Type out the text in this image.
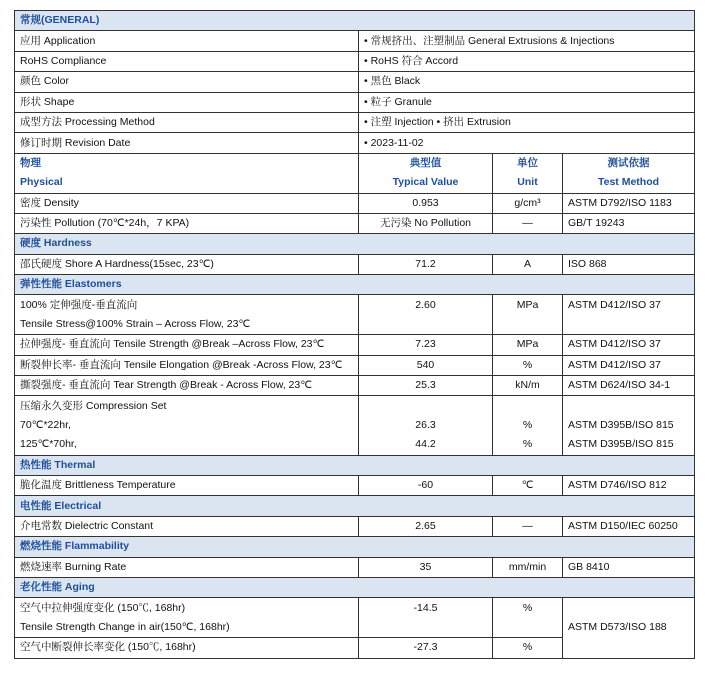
常规(GENERAL)			
应用 Application	• 常规挤出、注塑制品 General Extrusions & Injections
RoHS Compliance	• RoHS 符合 Accord
颜色 Color	• 黑色 Black
形状 Shape	• 粒子 Granule
成型方法 Processing Method	• 注塑 Injection • 挤出 Extrusion
修订时期 Revision Date	• 2023-11-02
物理	典型值	单位	测试依据
Physical	Typical Value	Unit	Test Method
密度 Density	0.953	g/cm³	ASTM D792/ISO 1183
污染性 Pollution (70℃*24h，7 KPA)	无污染 No Pollution	—	GB/T 19243
硬度 Hardness			
邵氏硬度 Shore A Hardness(15sec, 23℃)	71.2	A	ISO 868
弹性性能 Elastomers			
100% 定伸强度-垂直流向	2.60	MPa	ASTM D412/ISO 37
Tensile Stress@100% Strain – Across Flow, 23℃			
拉伸强度- 垂直流向 Tensile Strength @Break –Across Flow, 23℃	7.23	MPa	ASTM D412/ISO 37
断裂伸长率- 垂直流向 Tensile Elongation @Break -Across Flow, 23℃	540	%	ASTM D412/ISO 37
撕裂强度- 垂直流向 Tear Strength @Break - Across Flow, 23℃	25.3	kN/m	ASTM D624/ISO 34-1
压缩永久变形 Compression Set			
70℃*22hr,	26.3	%	ASTM D395B/ISO 815
125℃*70hr,	44.2	%	ASTM D395B/ISO 815
热性能 Thermal			
脆化温度 Brittleness Temperature	-60	℃	ASTM D746/ISO 812
电性能 Electrical			
介电常数 Dielectric Constant	2.65	—	ASTM D150/IEC 60250
燃烧性能 Flammability			
燃烧速率 Burning Rate	35	mm/min	GB 8410
老化性能 Aging			
空气中拉伸强度变化 (150℃, 168hr)	-14.5	%	ASTM D573/ISO 188
Tensile Strength Change in air(150℃, 168hr)			
空气中断裂伸长率变化 (150℃, 168hr)	-27.3	%	
